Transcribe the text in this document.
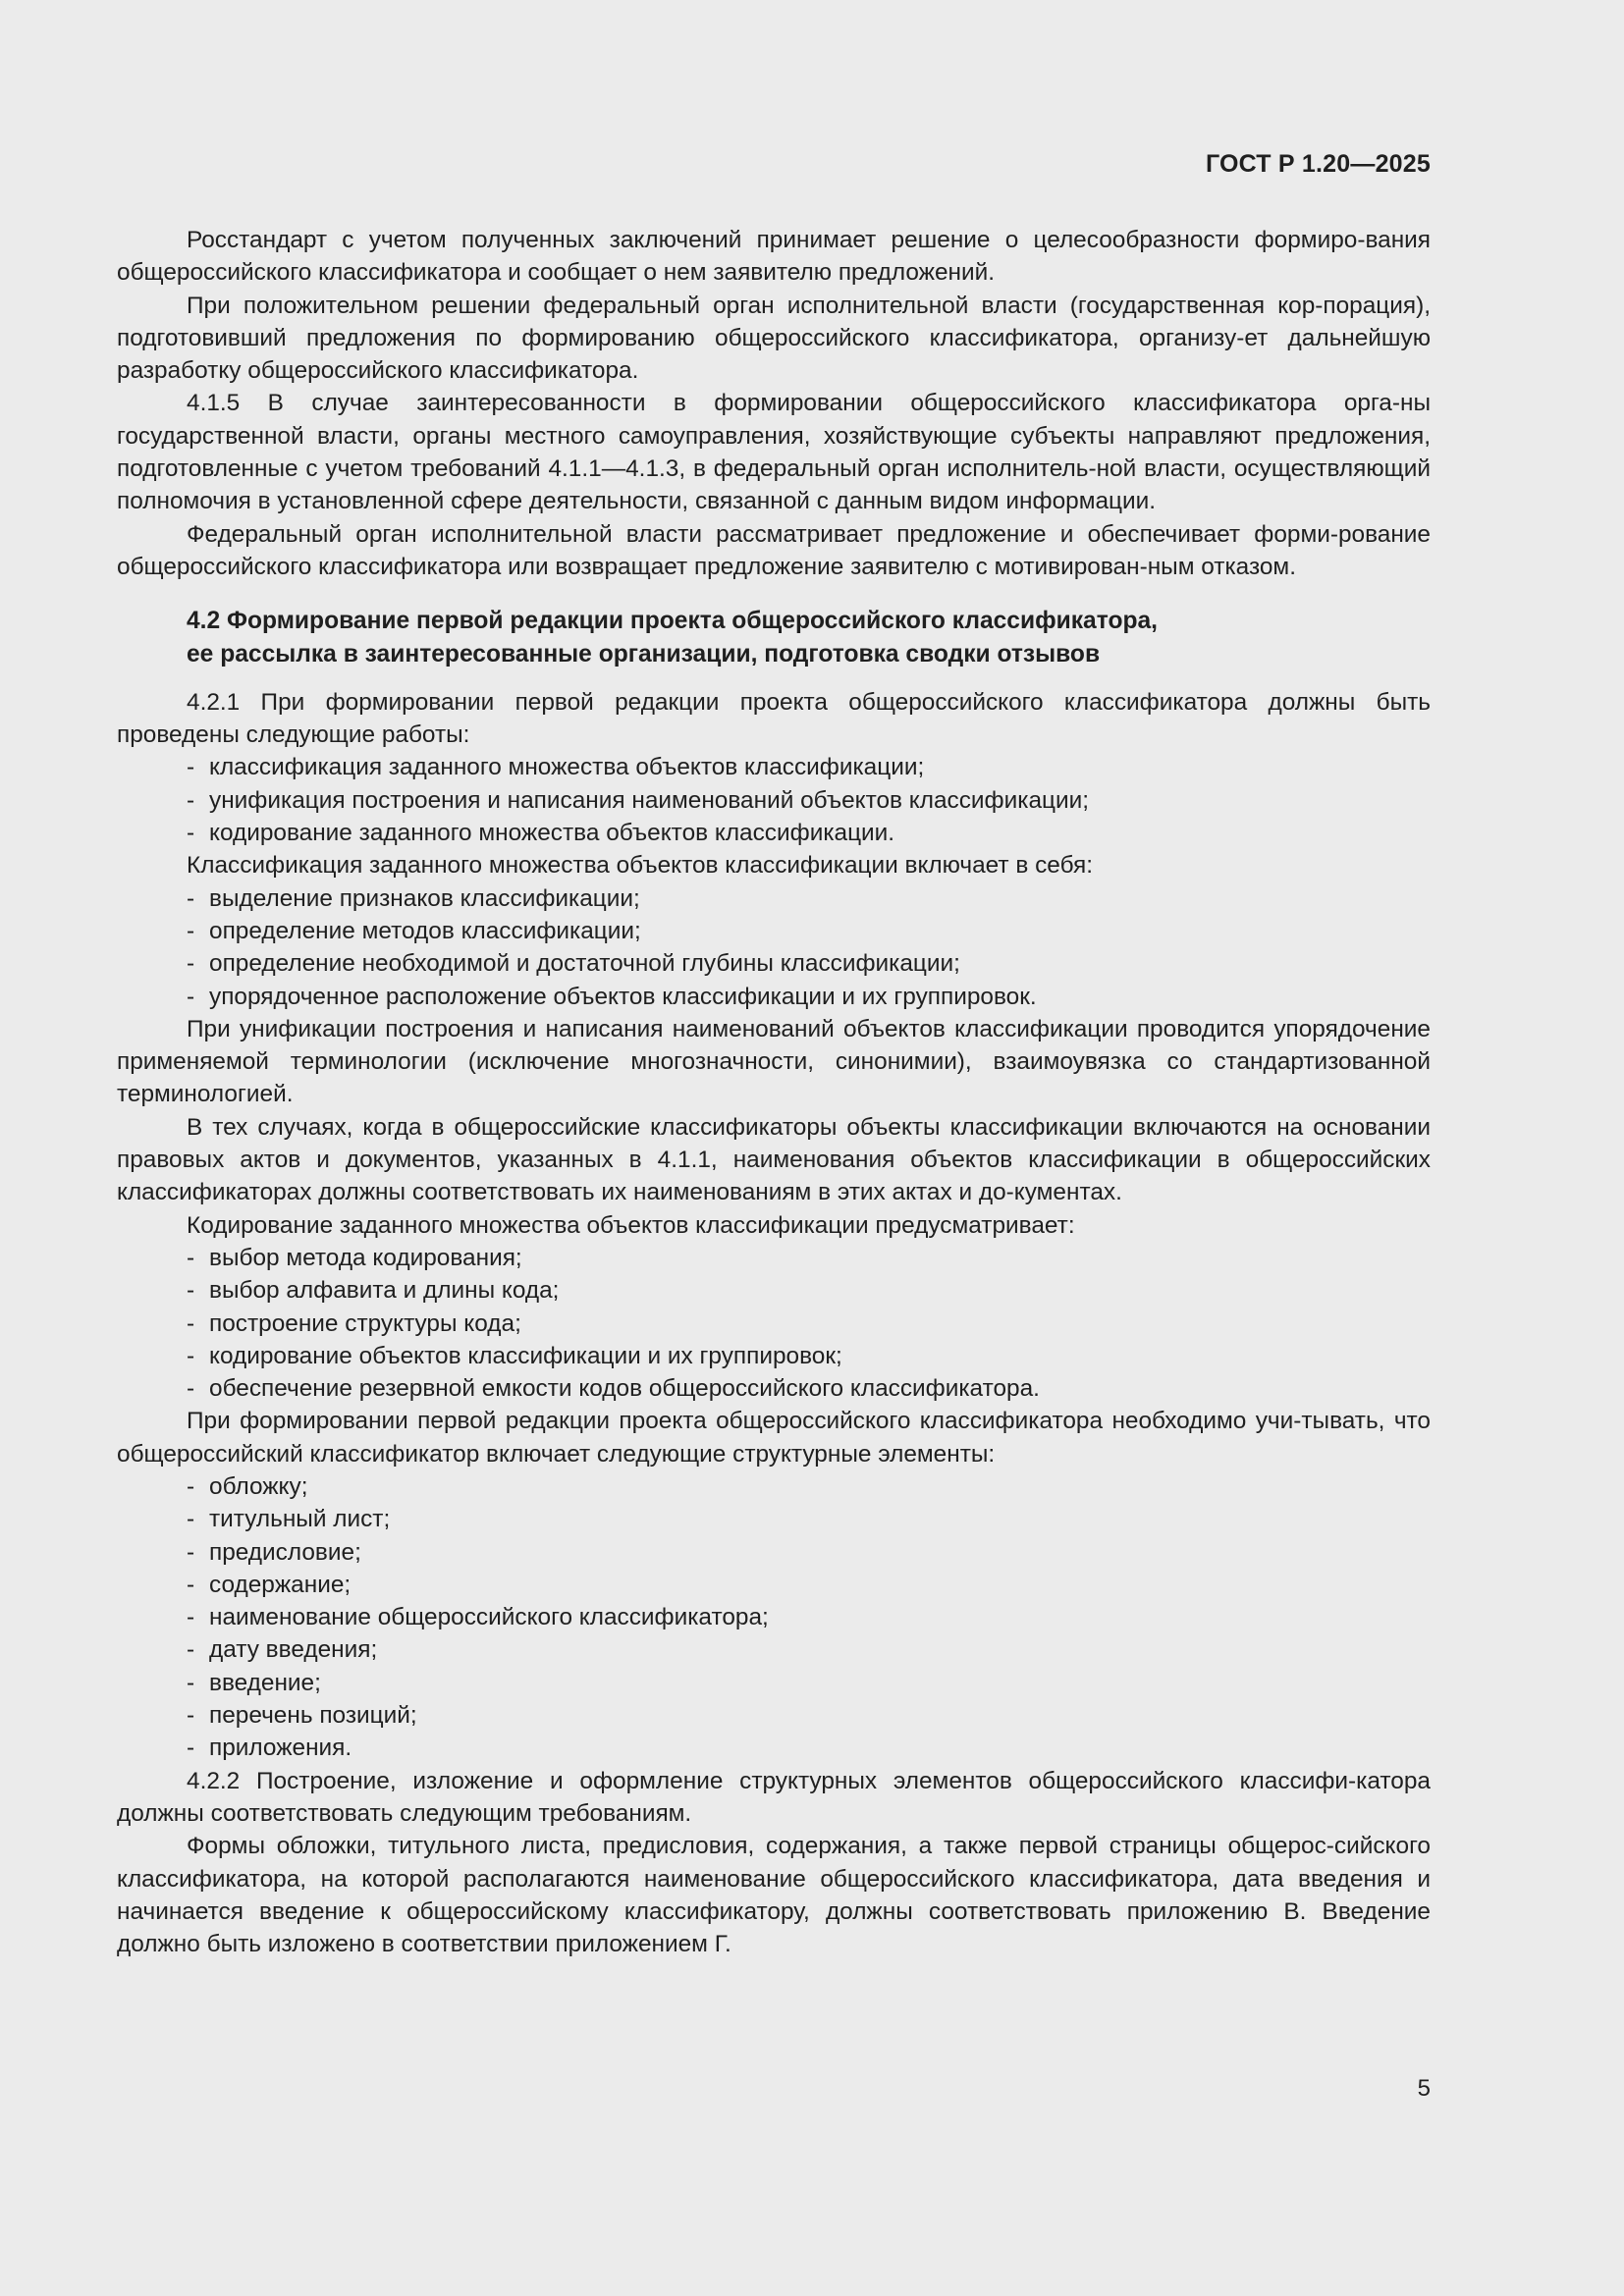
ГОСТ Р 1.20—2025

Росстандарт с учетом полученных заключений принимает решение о целесообразности формиро-вания общероссийского классификатора и сообщает о нем заявителю предложений.

При положительном решении федеральный орган исполнительной власти (государственная кор-порация), подготовивший предложения по формированию общероссийского классификатора, организу-ет дальнейшую разработку общероссийского классификатора.

4.1.5 В случае заинтересованности в формировании общероссийского классификатора орга-ны государственной власти, органы местного самоуправления, хозяйствующие субъекты направляют предложения, подготовленные с учетом требований 4.1.1—4.1.3, в федеральный орган исполнитель-ной власти, осуществляющий полномочия в установленной сфере деятельности, связанной с данным видом информации.

Федеральный орган исполнительной власти рассматривает предложение и обеспечивает форми-рование общероссийского классификатора или возвращает предложение заявителю с мотивирован-ным отказом.

4.2 Формирование первой редакции проекта общероссийского классификатора,
ее рассылка в заинтересованные организации, подготовка сводки отзывов

4.2.1 При формировании первой редакции проекта общероссийского классификатора должны быть проведены следующие работы:

- классификация заданного множества объектов классификации;

- унификация построения и написания наименований объектов классификации;

- кодирование заданного множества объектов классификации.

Классификация заданного множества объектов классификации включает в себя:

- выделение признаков классификации;

- определение методов классификации;

- определение необходимой и достаточной глубины классификации;

- упорядоченное расположение объектов классификации и их группировок.

При унификации построения и написания наименований объектов классификации проводится упорядочение применяемой терминологии (исключение многозначности, синонимии), взаимоувязка со стандартизованной терминологией.

В тех случаях, когда в общероссийские классификаторы объекты классификации включаются на основании правовых актов и документов, указанных в 4.1.1, наименования объектов классификации в общероссийских классификаторах должны соответствовать их наименованиям в этих актах и до-кументах.

Кодирование заданного множества объектов классификации предусматривает:

- выбор метода кодирования;

- выбор алфавита и длины кода;

- построение структуры кода;

- кодирование объектов классификации и их группировок;

- обеспечение резервной емкости кодов общероссийского классификатора.

При формировании первой редакции проекта общероссийского классификатора необходимо учи-тывать, что общероссийский классификатор включает следующие структурные элементы:

- обложку;

- титульный лист;

- предисловие;

- содержание;

- наименование общероссийского классификатора;

- дату введения;

- введение;

- перечень позиций;

- приложения.

4.2.2 Построение, изложение и оформление структурных элементов общероссийского классифи-катора должны соответствовать следующим требованиям.

Формы обложки, титульного листа, предисловия, содержания, а также первой страницы общерос-сийского классификатора, на которой располагаются наименование общероссийского классификатора, дата введения и начинается введение к общероссийскому классификатору, должны соответствовать приложению В. Введение должно быть изложено в соответствии приложением Г.

5
